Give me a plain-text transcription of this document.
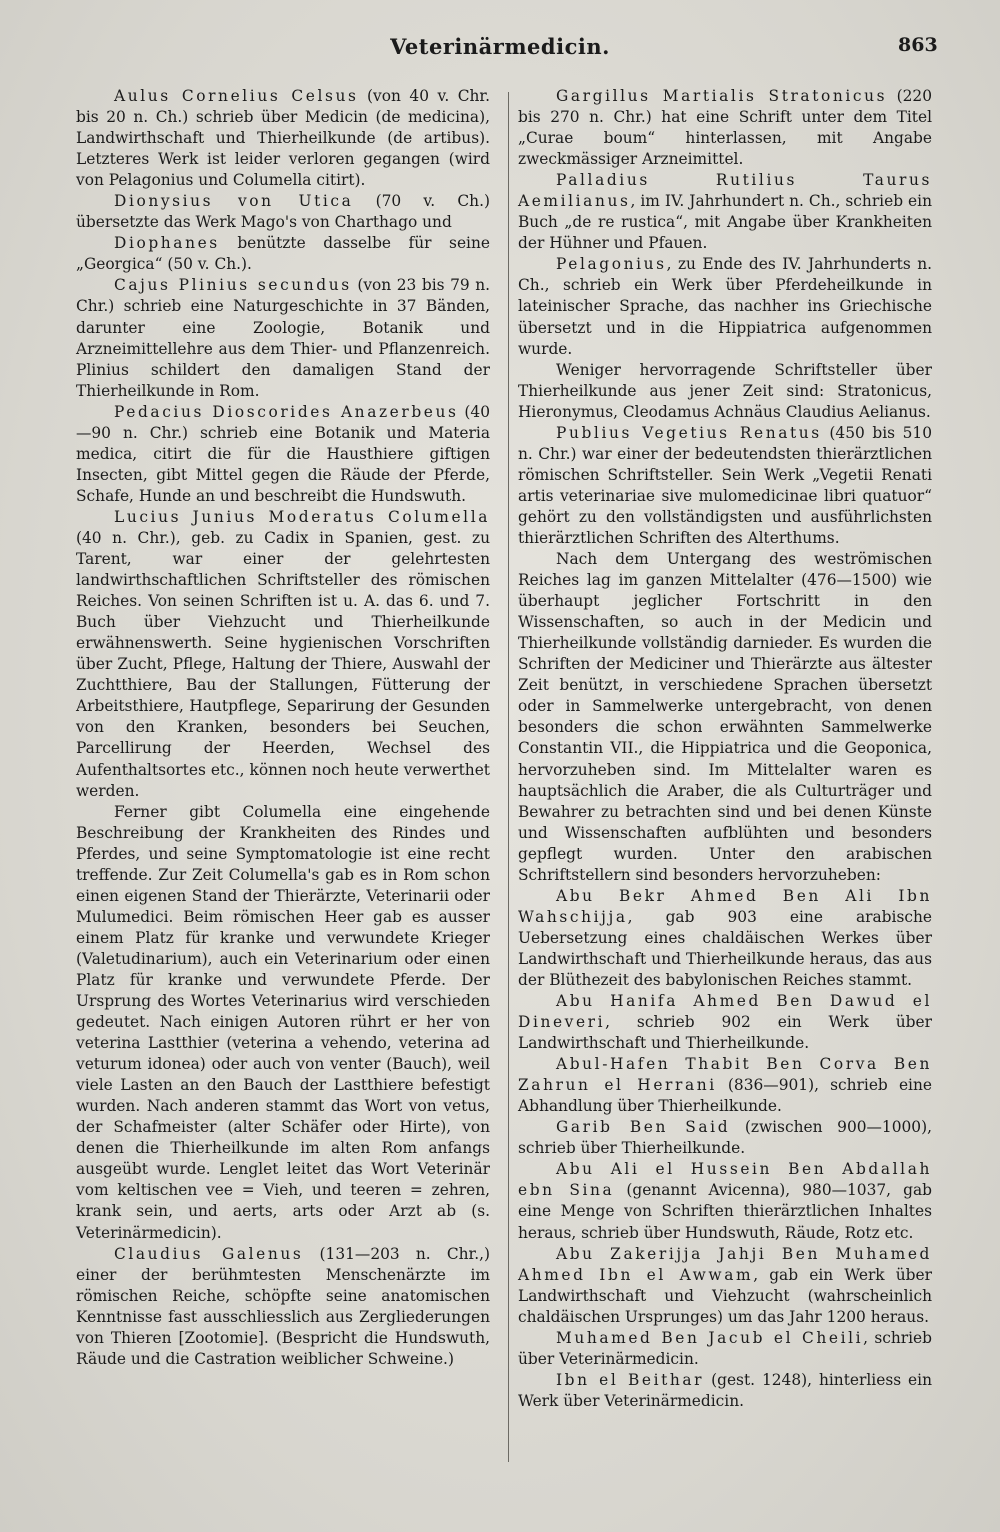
Veterinärmedicin.	863

Aulus Cornelius Celsus (von 40 v. Chr. bis 20 n. Ch.) schrieb über Medicin (de medicina), Landwirthschaft und Thierheilkunde (de artibus). Letzteres Werk ist leider verloren gegangen (wird von Pelagonius und Columella citirt).

Dionysius von Utica (70 v. Ch.) übersetzte das Werk Mago's von Charthago und

Diophanes benützte dasselbe für seine „Georgica“ (50 v. Ch.).

Cajus Plinius secundus (von 23 bis 79 n. Chr.) schrieb eine Naturgeschichte in 37 Bänden, darunter eine Zoologie, Botanik und Arzneimittellehre aus dem Thier- und Pflanzenreich. Plinius schildert den damaligen Stand der Thierheilkunde in Rom.

Pedacius Dioscorides Anazerbeus (40—90 n. Chr.) schrieb eine Botanik und Materia medica, citirt die für die Hausthiere giftigen Insecten, gibt Mittel gegen die Räude der Pferde, Schafe, Hunde an und beschreibt die Hundswuth.

Lucius Junius Moderatus Columella (40 n. Chr.), geb. zu Cadix in Spanien, gest. zu Tarent, war einer der gelehrtesten landwirthschaftlichen Schriftsteller des römischen Reiches. Von seinen Schriften ist u. A. das 6. und 7. Buch über Viehzucht und Thierheilkunde erwähnenswerth. Seine hygienischen Vorschriften über Zucht, Pflege, Haltung der Thiere, Auswahl der Zuchtthiere, Bau der Stallungen, Fütterung der Arbeitsthiere, Hautpflege, Separirung der Gesunden von den Kranken, besonders bei Seuchen, Parcellirung der Heerden, Wechsel des Aufenthaltsortes etc., können noch heute verwerthet werden.

Ferner gibt Columella eine eingehende Beschreibung der Krankheiten des Rindes und Pferdes, und seine Symptomatologie ist eine recht treffende. Zur Zeit Columella's gab es in Rom schon einen eigenen Stand der Thierärzte, Veterinarii oder Mulumedici. Beim römischen Heer gab es ausser einem Platz für kranke und verwundete Krieger (Valetudinarium), auch ein Veterinarium oder einen Platz für kranke und verwundete Pferde. Der Ursprung des Wortes Veterinarius wird verschieden gedeutet. Nach einigen Autoren rührt er her von veterina Lastthier (veterina a vehendo, veterina ad veturum idonea) oder auch von venter (Bauch), weil viele Lasten an den Bauch der Lastthiere befestigt wurden. Nach anderen stammt das Wort von vetus, der Schafmeister (alter Schäfer oder Hirte), von denen die Thierheilkunde im alten Rom anfangs ausgeübt wurde. Lenglet leitet das Wort Veterinär vom keltischen vee = Vieh, und teeren = zehren, krank sein, und aerts, arts oder Arzt ab (s. Veterinärmedicin).

Claudius Galenus (131—203 n. Chr.,) einer der berühmtesten Menschenärzte im römischen Reiche, schöpfte seine anatomischen Kenntnisse fast ausschliesslich aus Zergliederungen von Thieren [Zootomie]. (Bespricht die Hundswuth, Räude und die Castration weiblicher Schweine.)

Gargillus Martialis Stratonicus (220 bis 270 n. Chr.) hat eine Schrift unter dem Titel „Curae boum“ hinterlassen, mit Angabe zweckmässiger Arzneimittel.

Palladius Rutilius Taurus Aemilianus, im IV. Jahrhundert n. Ch., schrieb ein Buch „de re rustica“, mit Angabe über Krankheiten der Hühner und Pfauen.

Pelagonius, zu Ende des IV. Jahrhunderts n. Ch., schrieb ein Werk über Pferdeheilkunde in lateinischer Sprache, das nachher ins Griechische übersetzt und in die Hippiatrica aufgenommen wurde.

Weniger hervorragende Schriftsteller über Thierheilkunde aus jener Zeit sind: Stratonicus, Hieronymus, Cleodamus Achnäus Claudius Aelianus.

Publius Vegetius Renatus (450 bis 510 n. Chr.) war einer der bedeutendsten thierärztlichen römischen Schriftsteller. Sein Werk „Vegetii Renati artis veterinariae sive mulomedicinae libri quatuor“ gehört zu den vollständigsten und ausführlichsten thierärztlichen Schriften des Alterthums.

Nach dem Untergang des weströmischen Reiches lag im ganzen Mittelalter (476—1500) wie überhaupt jeglicher Fortschritt in den Wissenschaften, so auch in der Medicin und Thierheilkunde vollständig darnieder. Es wurden die Schriften der Mediciner und Thierärzte aus ältester Zeit benützt, in verschiedene Sprachen übersetzt oder in Sammelwerke untergebracht, von denen besonders die schon erwähnten Sammelwerke Constantin VII., die Hippiatrica und die Geoponica, hervorzuheben sind. Im Mittelalter waren es hauptsächlich die Araber, die als Culturträger und Bewahrer zu betrachten sind und bei denen Künste und Wissenschaften aufblühten und besonders gepflegt wurden. Unter den arabischen Schriftstellern sind besonders hervorzuheben:

Abu Bekr Ahmed Ben Ali Ibn Wahschijja, gab 903 eine arabische Uebersetzung eines chaldäischen Werkes über Landwirthschaft und Thierheilkunde heraus, das aus der Blüthezeit des babylonischen Reiches stammt.

Abu Hanifa Ahmed Ben Dawud el Dineveri, schrieb 902 ein Werk über Landwirthschaft und Thierheilkunde.

Abul-Hafen Thabit Ben Corva Ben Zahrun el Herrani (836—901), schrieb eine Abhandlung über Thierheilkunde.

Garib Ben Said (zwischen 900—1000), schrieb über Thierheilkunde.

Abu Ali el Hussein Ben Abdallah ebn Sina (genannt Avicenna), 980—1037, gab eine Menge von Schriften thierärztlichen Inhaltes heraus, schrieb über Hundswuth, Räude, Rotz etc.

Abu Zakerijja Jahji Ben Muhamed Ahmed Ibn el Awwam, gab ein Werk über Landwirthschaft und Viehzucht (wahrscheinlich chaldäischen Ursprunges) um das Jahr 1200 heraus.

Muhamed Ben Jacub el Cheili, schrieb über Veterinärmedicin.

Ibn el Beithar (gest. 1248), hinterliess ein Werk über Veterinärmedicin.
